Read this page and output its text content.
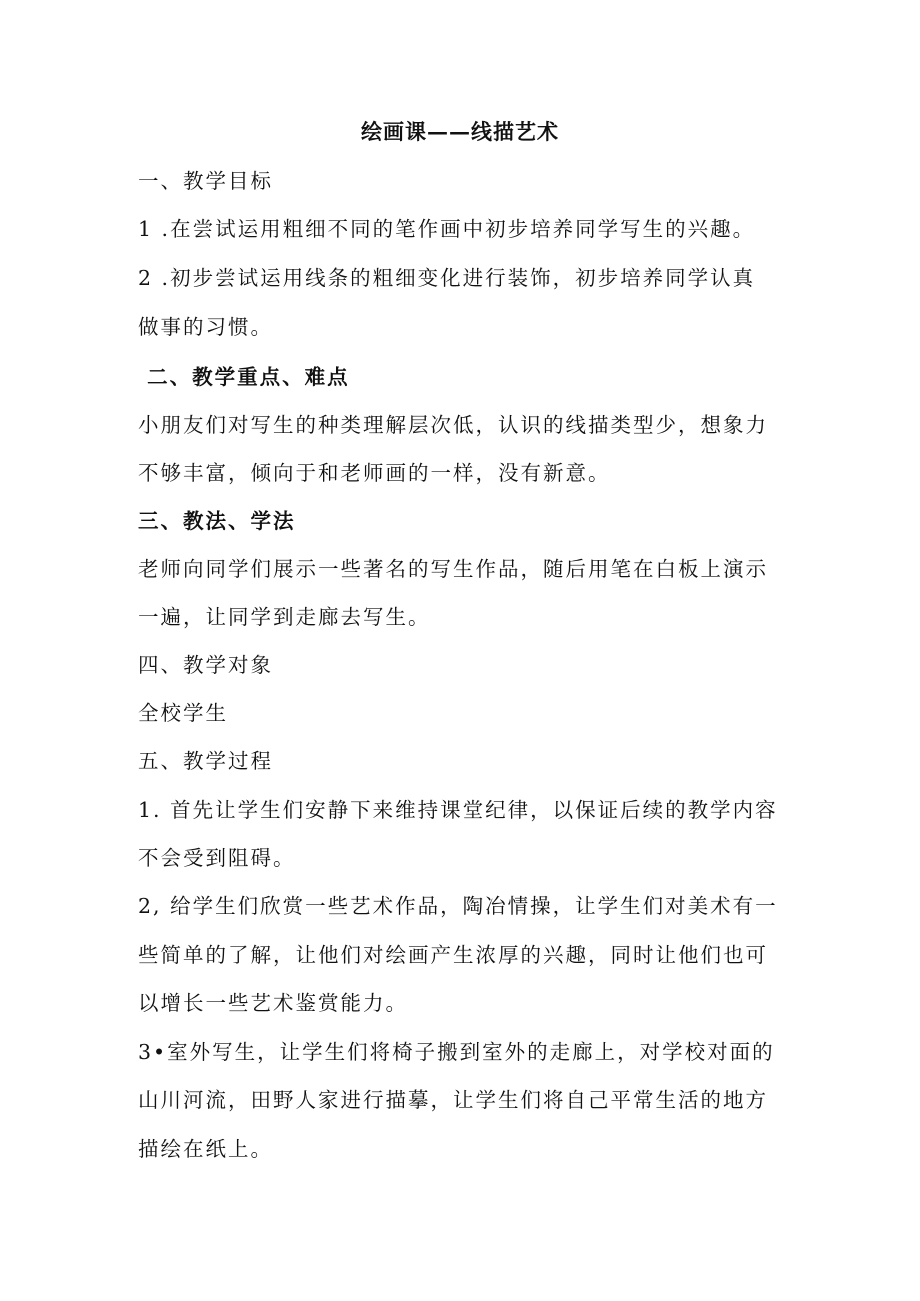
绘画课——线描艺术
一、教学目标
1 .在尝试运用粗细不同的笔作画中初步培养同学写生的兴趣。
2 .初步尝试运用线条的粗细变化进行装饰，初步培养同学认真
做事的习惯。
二、教学重点、难点
小朋友们对写生的种类理解层次低，认识的线描类型少，想象力
不够丰富，倾向于和老师画的一样，没有新意。
三、教法、学法
老师向同学们展示一些著名的写生作品，随后用笔在白板上演示
一遍，让同学到走廊去写生。
四、教学对象
全校学生
五、教学过程
1. 首先让学生们安静下来维持课堂纪律，以保证后续的教学内容
不会受到阻碍。
2, 给学生们欣赏一些艺术作品，陶冶情操，让学生们对美术有一
些简单的了解，让他们对绘画产生浓厚的兴趣，同时让他们也可
以增长一些艺术鉴赏能力。
3•室外写生，让学生们将椅子搬到室外的走廊上，对学校对面的
山川河流，田野人家进行描摹，让学生们将自己平常生活的地方
描绘在纸上。
